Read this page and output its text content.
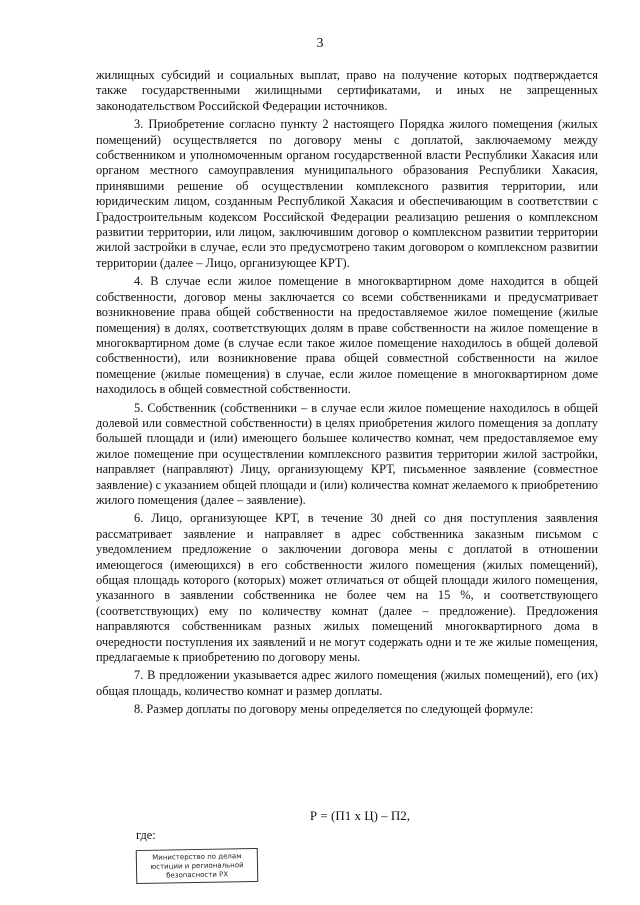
3

жилищных субсидий и социальных выплат, право на получение которых подтверждается также государственными жилищными сертификатами, и иных не запрещенных законодательством Российской Федерации источников.

3. Приобретение согласно пункту 2 настоящего Порядка жилого помещения (жилых помещений) осуществляется по договору мены с доплатой, заключаемому между собственником и уполномоченным органом государственной власти Республики Хакасия или органом местного самоуправления муниципального образования Республики Хакасия, принявшими решение об осуществлении комплексного развития территории, или юридическим лицом, созданным Республикой Хакасия и обеспечивающим в соответствии с Градостроительным кодексом Российской Федерации реализацию решения о комплексном развитии территории, или лицом, заключившим договор о комплексном развитии территории жилой застройки в случае, если это предусмотрено таким договором о комплексном развитии территории (далее – Лицо, организующее КРТ).

4. В случае если жилое помещение в многоквартирном доме находится в общей собственности, договор мены заключается со всеми собственниками и предусматривает возникновение права общей собственности на предоставляемое жилое помещение (жилые помещения) в долях, соответствующих долям в праве собственности на жилое помещение в многоквартирном доме (в случае если такое жилое помещение находилось в общей долевой собственности), или возникновение права общей совместной собственности на жилое помещение (жилые помещения) в случае, если жилое помещение в многоквартирном доме находилось в общей совместной собственности.

5. Собственник (собственники – в случае если жилое помещение находилось в общей долевой или совместной собственности) в целях приобретения жилого помещения за доплату большей площади и (или) имеющего большее количество комнат, чем предоставляемое ему жилое помещение при осуществлении комплексного развития территории жилой застройки, направляет (направляют) Лицу, организующему КРТ, письменное заявление (совместное заявление) с указанием общей площади и (или) количества комнат желаемого к приобретению жилого помещения (далее – заявление).

6. Лицо, организующее КРТ, в течение 30 дней со дня поступления заявления рассматривает заявление и направляет в адрес собственника заказным письмом с уведомлением предложение о заключении договора мены с доплатой в отношении имеющегося (имеющихся) в его собственности жилого помещения (жилых помещений), общая площадь которого (которых) может отличаться от общей площади жилого помещения, указанного в заявлении собственника не более чем на 15 %, и соответствующего (соответствующих) ему по количеству комнат (далее – предложение). Предложения направляются собственникам разных жилых помещений многоквартирного дома в очередности поступления их заявлений и не могут содержать одни и те же жилые помещения, предлагаемые к приобретению по договору мены.

7. В предложении указывается адрес жилого помещения (жилых помещений), его (их) общая площадь, количество комнат и размер доплаты.

8. Размер доплаты по договору мены определяется по следующей формуле:

Р = (П1 х Ц) – П2,
где:
Министерство по делам
юстиции и региональной
безопасности РХ
